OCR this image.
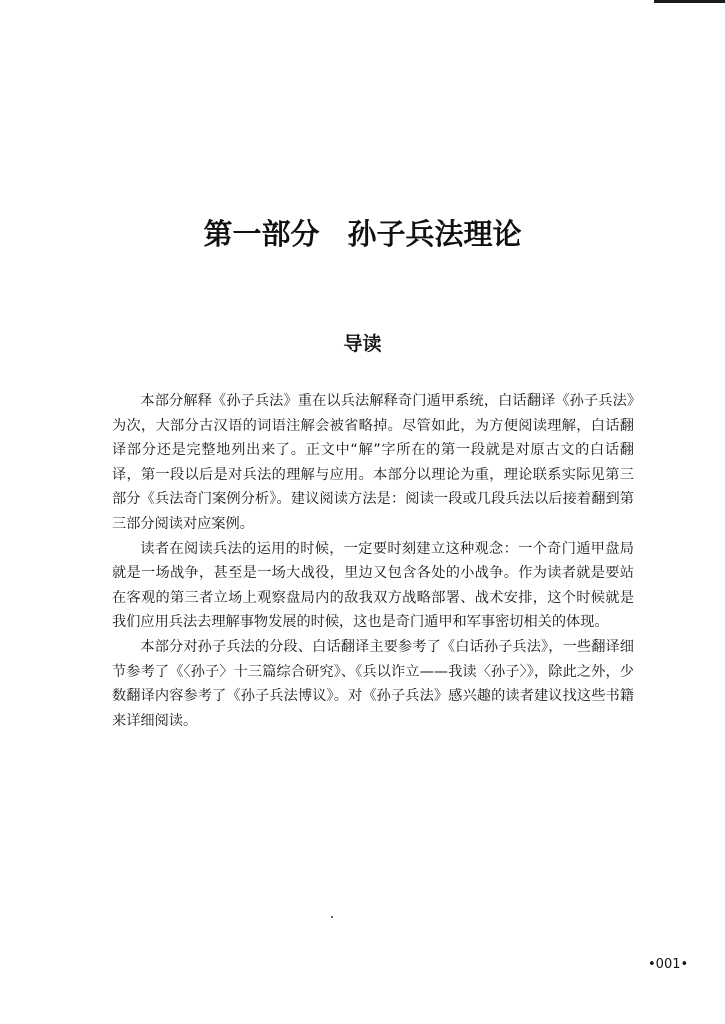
第一部分 孙子兵法理论
导读

本部分解释《孙子兵法》重在以兵法解释奇门遁甲系统，白话翻译《孙子兵法》为次，大部分古汉语的词语注解会被省略掉。尽管如此，为方便阅读理解，白话翻译部分还是完整地列出来了。正文中“解”字所在的第一段就是对原古文的白话翻译，第一段以后是对兵法的理解与应用。本部分以理论为重，理论联系实际见第三部分《兵法奇门案例分析》。建议阅读方法是：阅读一段或几段兵法以后接着翻到第三部分阅读对应案例。

读者在阅读兵法的运用的时候，一定要时刻建立这种观念：一个奇门遁甲盘局就是一场战争，甚至是一场大战役，里边又包含各处的小战争。作为读者就是要站在客观的第三者立场上观察盘局内的敌我双方战略部署、战术安排，这个时候就是我们应用兵法去理解事物发展的时候，这也是奇门遁甲和军事密切相关的体现。

本部分对孙子兵法的分段、白话翻译主要参考了《白话孙子兵法》，一些翻译细节参考了《〈孙子〉十三篇综合研究》、《兵以诈立——我读〈孙子〉》，除此之外，少数翻译内容参考了《孙子兵法博议》。对《孙子兵法》感兴趣的读者建议找这些书籍来详细阅读。

•001•
